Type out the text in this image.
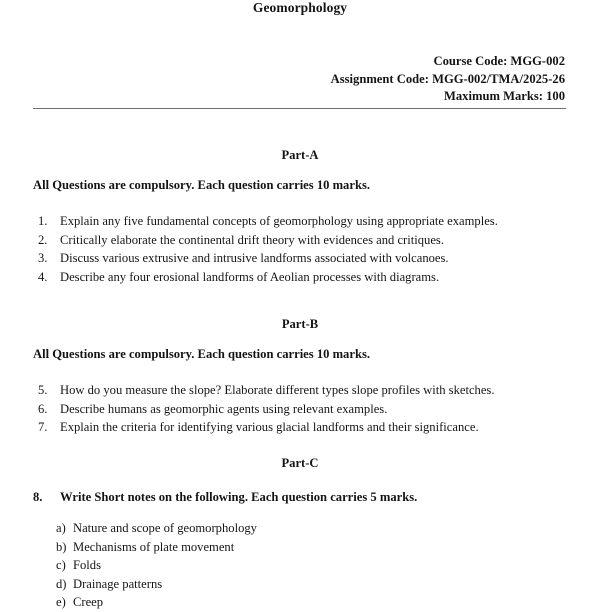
Geomorphology
Course Code: MGG-002
Assignment Code: MGG-002/TMA/2025-26
Maximum Marks: 100
Part-A
All Questions are compulsory. Each question carries 10 marks.
1. Explain any five fundamental concepts of geomorphology using appropriate examples.
2. Critically elaborate the continental drift theory with evidences and critiques.
3. Discuss various extrusive and intrusive landforms associated with volcanoes.
4. Describe any four erosional landforms of Aeolian processes with diagrams.
Part-B
All Questions are compulsory. Each question carries 10 marks.
5. How do you measure the slope? Elaborate different types slope profiles with sketches.
6. Describe humans as geomorphic agents using relevant examples.
7. Explain the criteria for identifying various glacial landforms and their significance.
Part-C
8. Write Short notes on the following. Each question carries 5 marks.
a) Nature and scope of geomorphology
b) Mechanisms of plate movement
c) Folds
d) Drainage patterns
e) Creep
